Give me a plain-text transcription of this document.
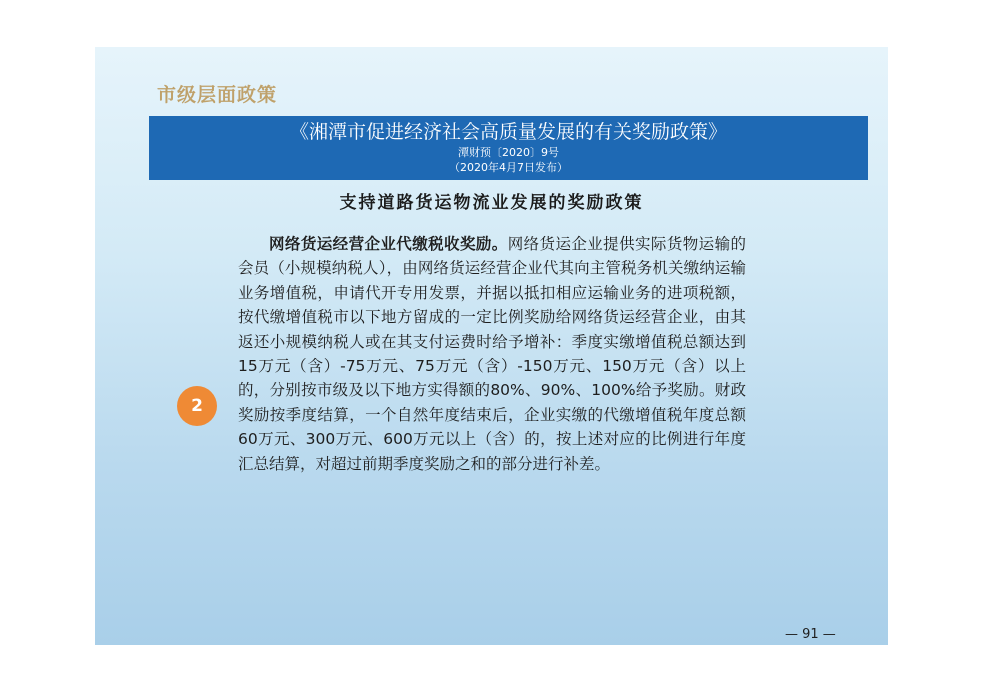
市级层面政策
《湘潭市促进经济社会高质量发展的有关奖励政策》
潭财预〔2020〕9号
（2020年4月7日发布）
支持道路货运物流业发展的奖励政策
2
网络货运经营企业代缴税收奖励。网络货运企业提供实际货物运输的会员（小规模纳税人），由网络货运经营企业代其向主管税务机关缴纳运输业务增值税，申请代开专用发票，并据以抵扣相应运输业务的进项税额，按代缴增值税市以下地方留成的一定比例奖励给网络货运经营企业，由其返还小规模纳税人或在其支付运费时给予增补：季度实缴增值税总额达到15万元（含）-75万元、75万元（含）-150万元、150万元（含）以上的，分别按市级及以下地方实得额的80%、90%、100%给予奖励。财政奖励按季度结算，一个自然年度结束后，企业实缴的代缴增值税年度总额60万元、300万元、600万元以上（含）的，按上述对应的比例进行年度汇总结算，对超过前期季度奖励之和的部分进行补差。
— 91 —
